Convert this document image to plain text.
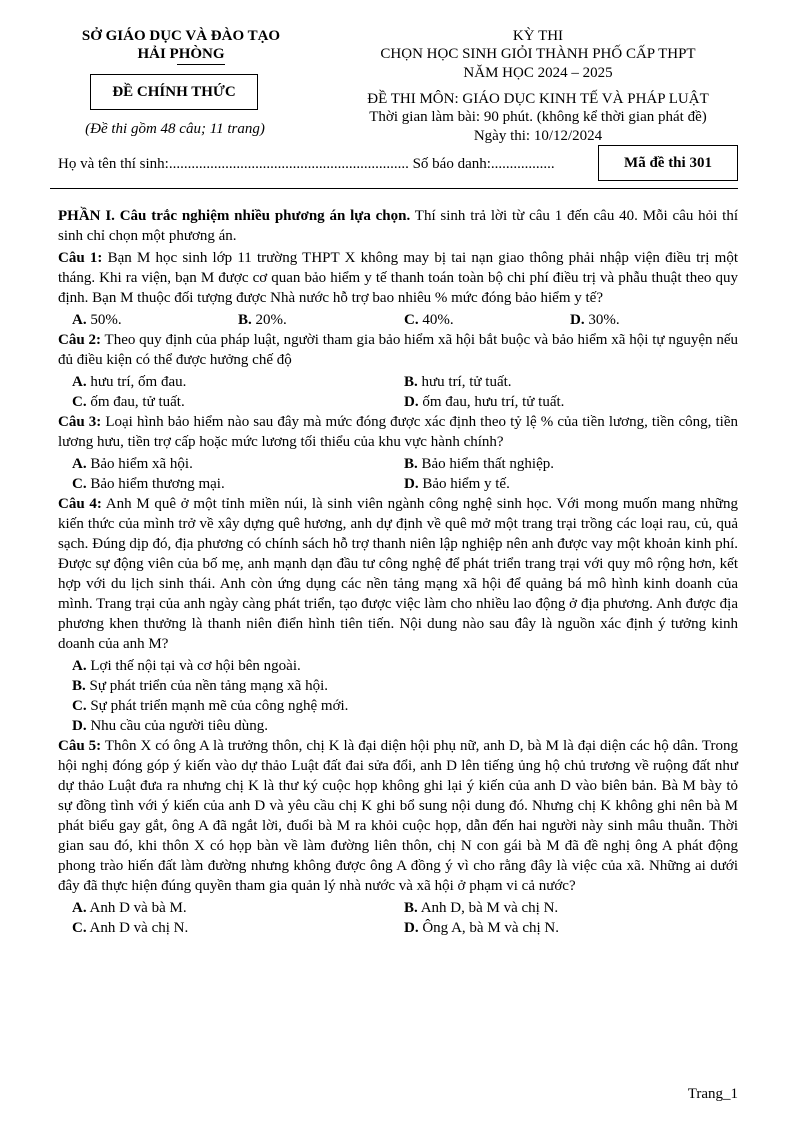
SỞ GIÁO DỤC VÀ ĐÀO TẠO
HẢI PHÒNG
ĐỀ CHÍNH THỨC
(Đề thi gồm 48 câu; 11 trang)
KỲ THI
CHỌN HỌC SINH GIỎI THÀNH PHỐ CẤP THPT
NĂM HỌC 2024 – 2025
ĐỀ THI MÔN: GIÁO DỤC KINH TẾ VÀ PHÁP LUẬT
Thời gian làm bài: 90 phút. (không kể thời gian phát đề)
Ngày thi: 10/12/2024
Họ và tên thí sinh:................................................................ Số báo danh:.................	Mã đề thi 301

PHẦN I. Câu trắc nghiệm nhiều phương án lựa chọn. Thí sinh trả lời từ câu 1 đến câu 40. Mỗi câu hỏi thí sinh chỉ chọn một phương án.

Câu 1: Bạn M học sinh lớp 11 trường THPT X không may bị tai nạn giao thông phải nhập viện điều trị một tháng. Khi ra viện, bạn M được cơ quan bảo hiểm y tế thanh toán toàn bộ chi phí điều trị và phẫu thuật theo quy định. Bạn M thuộc đối tượng được Nhà nước hỗ trợ bao nhiêu % mức đóng bảo hiểm y tế?

A. 50%.	B. 20%.	C. 40%.	D. 30%.

Câu 2: Theo quy định của pháp luật, người tham gia bảo hiểm xã hội bắt buộc và bảo hiểm xã hội tự nguyện nếu đủ điều kiện có thể được hưởng chế độ

A. hưu trí, ốm đau.	B. hưu trí, tử tuất.
C. ốm đau, tử tuất.	D. ốm đau, hưu trí, tử tuất.

Câu 3: Loại hình bảo hiểm nào sau đây mà mức đóng được xác định theo tỷ lệ % của tiền lương, tiền công, tiền lương hưu, tiền trợ cấp hoặc mức lương tối thiểu của khu vực hành chính?

A. Bảo hiểm xã hội.	B. Bảo hiểm thất nghiệp.
C. Bảo hiểm thương mại.	D. Bảo hiểm y tế.

Câu 4: Anh M quê ở một tỉnh miền núi, là sinh viên ngành công nghệ sinh học. Với mong muốn mang những kiến thức của mình trở về xây dựng quê hương, anh dự định về quê mở một trang trại trồng các loại rau, củ, quả sạch. Đúng dịp đó, địa phương có chính sách hỗ trợ thanh niên lập nghiệp nên anh được vay một khoản kinh phí. Được sự động viên của bố mẹ, anh mạnh dạn đầu tư công nghệ để phát triển trang trại với quy mô rộng hơn, kết hợp với du lịch sinh thái. Anh còn ứng dụng các nền tảng mạng xã hội để quảng bá mô hình kinh doanh của mình. Trang trại của anh ngày càng phát triển, tạo được việc làm cho nhiều lao động ở địa phương. Anh được địa phương khen thưởng là thanh niên điển hình tiên tiến. Nội dung nào sau đây là nguồn xác định ý tưởng kinh doanh của anh M?

A. Lợi thế nội tại và cơ hội bên ngoài.
B. Sự phát triển của nền tảng mạng xã hội.
C. Sự phát triển mạnh mẽ của công nghệ mới.
D. Nhu cầu của người tiêu dùng.

Câu 5: Thôn X có ông A là trưởng thôn, chị K là đại diện hội phụ nữ, anh D, bà M là đại diện các hộ dân. Trong hội nghị đóng góp ý kiến vào dự thảo Luật đất đai sửa đổi, anh D lên tiếng ủng hộ chủ trương về ruộng đất như dự thảo Luật đưa ra nhưng chị K là thư ký cuộc họp không ghi lại ý kiến của anh D vào biên bản. Bà M bày tỏ sự đồng tình với ý kiến của anh D và yêu cầu chị K ghi bổ sung nội dung đó. Nhưng chị K không ghi nên bà M phát biểu gay gắt, ông A đã ngắt lời, đuổi bà M ra khỏi cuộc họp, dẫn đến hai người này sinh mâu thuẫn. Thời gian sau đó, khi thôn X có họp bàn về làm đường liên thôn, chị N con gái bà M đã đề nghị ông A phát động phong trào hiến đất làm đường nhưng không được ông A đồng ý vì cho rằng đây là việc của xã. Những ai dưới đây đã thực hiện đúng quyền tham gia quản lý nhà nước và xã hội ở phạm vi cả nước?

A. Anh D và bà M.	B. Anh D, bà M và chị N.
C. Anh D và chị N.	D. Ông A, bà M và chị N.
Trang_1
